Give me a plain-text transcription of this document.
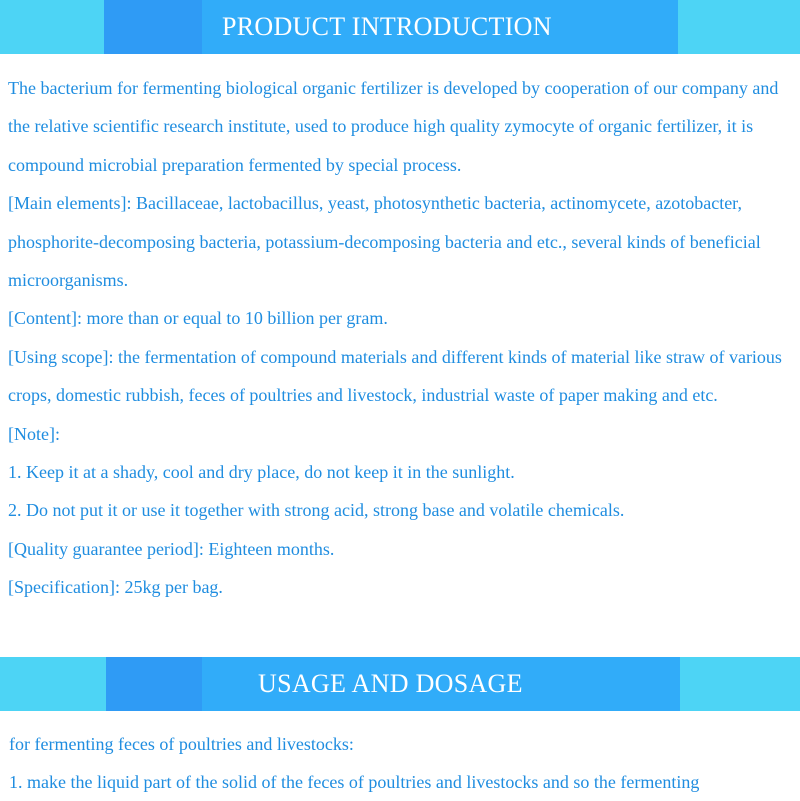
PRODUCT INTRODUCTION

The bacterium for fermenting biological organic fertilizer is developed by cooperation of our company and the relative scientific research institute, used to produce high quality zymocyte of organic fertilizer, it is compound microbial preparation fermented by special process.

[Main elements]: Bacillaceae, lactobacillus, yeast, photosynthetic bacteria, actinomycete, azotobacter, phosphorite-decomposing bacteria, potassium-decomposing bacteria and etc., several kinds of beneficial microorganisms.

[Content]: more than or equal to 10 billion per gram.

[Using scope]: the fermentation of compound materials and different kinds of material like straw of various crops, domestic rubbish, feces of poultries and livestock, industrial waste of paper making and etc.

[Note]:

1. Keep it at a shady, cool and dry place, do not keep it in the sunlight.

2. Do not put it or use it together with strong acid, strong base and volatile chemicals.

[Quality guarantee period]: Eighteen months.

[Specification]: 25kg per bag.

USAGE AND DOSAGE

for fermenting feces of poultries and livestocks:

1. make the liquid part of the solid of the feces of poultries and livestocks and so the fermenting
